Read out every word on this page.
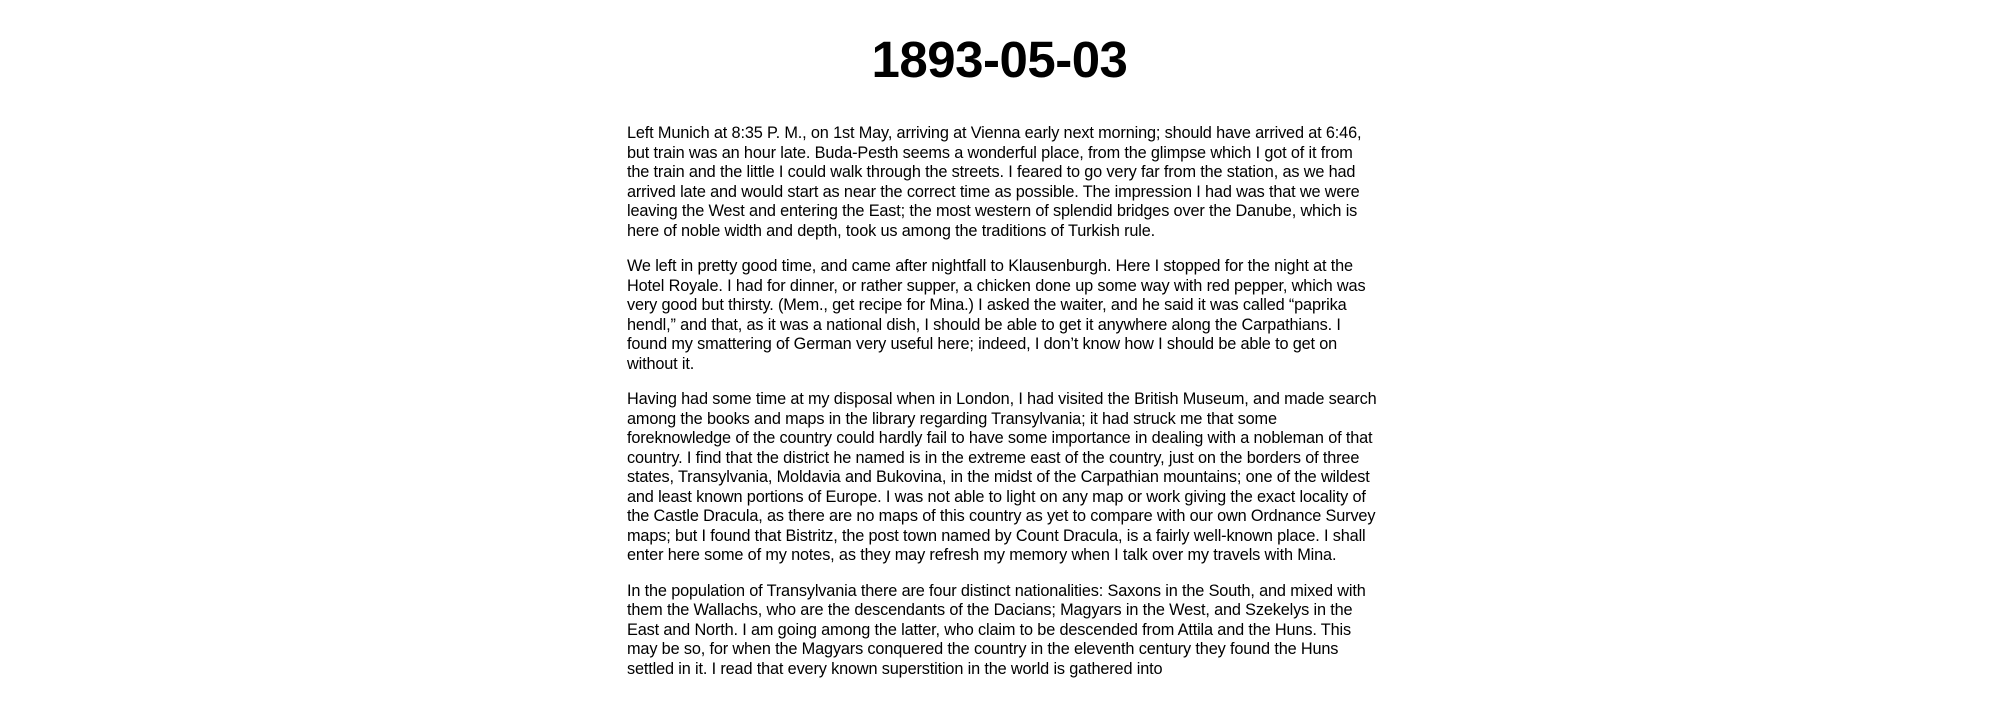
1893-05-03

Left Munich at 8:35 P. M., on 1st May, arriving at Vienna early next morning; should have arrived at 6:46, but train was an hour late. Buda-Pesth seems a wonderful place, from the glimpse which I got of it from the train and the little I could walk through the streets. I feared to go very far from the station, as we had arrived late and would start as near the correct time as possible. The impression I had was that we were leaving the West and entering the East; the most western of splendid bridges over the Danube, which is here of noble width and depth, took us among the traditions of Turkish rule.

We left in pretty good time, and came after nightfall to Klausenburgh. Here I stopped for the night at the Hotel Royale. I had for dinner, or rather supper, a chicken done up some way with red pepper, which was very good but thirsty. (Mem., get recipe for Mina.) I asked the waiter, and he said it was called “paprika hendl,” and that, as it was a national dish, I should be able to get it anywhere along the Carpathians. I found my smattering of German very useful here; indeed, I don’t know how I should be able to get on without it.

Having had some time at my disposal when in London, I had visited the British Museum, and made search among the books and maps in the library regarding Transylvania; it had struck me that some foreknowledge of the country could hardly fail to have some importance in dealing with a nobleman of that country. I find that the district he named is in the extreme east of the country, just on the borders of three states, Transylvania, Moldavia and Bukovina, in the midst of the Carpathian mountains; one of the wildest and least known portions of Europe. I was not able to light on any map or work giving the exact locality of the Castle Dracula, as there are no maps of this country as yet to compare with our own Ordnance Survey maps; but I found that Bistritz, the post town named by Count Dracula, is a fairly well-known place. I shall enter here some of my notes, as they may refresh my memory when I talk over my travels with Mina.

In the population of Transylvania there are four distinct nationalities: Saxons in the South, and mixed with them the Wallachs, who are the descendants of the Dacians; Magyars in the West, and Szekelys in the East and North. I am going among the latter, who claim to be descended from Attila and the Huns. This may be so, for when the Magyars conquered the country in the eleventh century they found the Huns settled in it. I read that every known superstition in the world is gathered into
